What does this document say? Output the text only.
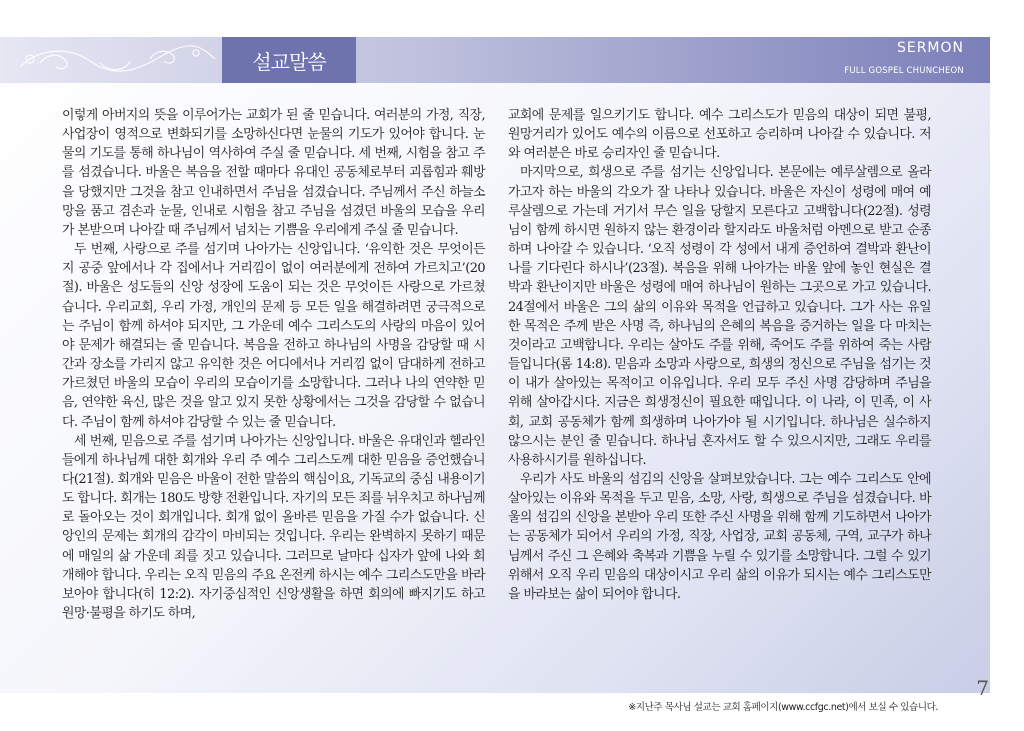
설교말씀
SERMON
FULL GOSPEL CHUNCHEON

이렇게 아버지의 뜻을 이루어가는 교회가 된 줄 믿습니다. 여러분의 가정, 직장, 사업장이 영적으로 변화되기를 소망하신다면 눈물의 기도가 있어야 합니다. 눈물의 기도를 통해 하나님이 역사하여 주실 줄 믿습니다. 세 번째, 시험을 참고 주를 섬겼습니다. 바울은 복음을 전할 때마다 유대인 공동체로부터 괴롭힘과 훼방을 당했지만 그것을 참고 인내하면서 주님을 섬겼습니다. 주님께서 주신 하늘소망을 품고 겸손과 눈물, 인내로 시험을 참고 주님을 섬겼던 바울의 모습을 우리가 본받으며 나아갈 때 주님께서 넘치는 기쁨을 우리에게 주실 줄 믿습니다.

두 번째, 사랑으로 주를 섬기며 나아가는 신앙입니다. ‘유익한 것은 무엇이든지 공중 앞에서나 각 집에서나 거리낌이 없이 여러분에게 전하여 가르치고’(20절). 바울은 성도들의 신앙 성장에 도움이 되는 것은 무엇이든 사랑으로 가르쳤습니다. 우리교회, 우리 가정, 개인의 문제 등 모든 일을 해결하려면 궁극적으로는 주님이 함께 하셔야 되지만, 그 가운데 예수 그리스도의 사랑의 마음이 있어야 문제가 해결되는 줄 믿습니다. 복음을 전하고 하나님의 사명을 감당할 때 시간과 장소를 가리지 않고 유익한 것은 어디에서나 거리낌 없이 담대하게 전하고 가르쳤던 바울의 모습이 우리의 모습이기를 소망합니다. 그러나 나의 연약한 믿음, 연약한 육신, 많은 것을 알고 있지 못한 상황에서는 그것을 감당할 수 없습니다. 주님이 함께 하셔야 감당할 수 있는 줄 믿습니다.

세 번째, 믿음으로 주를 섬기며 나아가는 신앙입니다. 바울은 유대인과 헬라인들에게 하나님께 대한 회개와 우리 주 예수 그리스도께 대한 믿음을 증언했습니다(21절). 회개와 믿음은 바울이 전한 말씀의 핵심이요, 기독교의 중심 내용이기도 합니다. 회개는 180도 방향 전환입니다. 자기의 모든 죄를 뉘우치고 하나님께로 돌아오는 것이 회개입니다. 회개 없이 올바른 믿음을 가질 수가 없습니다. 신앙인의 문제는 회개의 감각이 마비되는 것입니다. 우리는 완벽하지 못하기 때문에 매일의 삶 가운데 죄를 짓고 있습니다. 그러므로 날마다 십자가 앞에 나와 회개해야 합니다. 우리는 오직 믿음의 주요 온전케 하시는 예수 그리스도만을 바라보아야 합니다(히 12:2). 자기중심적인 신앙생활을 하면 회의에 빠지기도 하고 원망·불평을 하기도 하며,

교회에 문제를 일으키기도 합니다. 예수 그리스도가 믿음의 대상이 되면 불평, 원망거리가 있어도 예수의 이름으로 선포하고 승리하며 나아갈 수 있습니다. 저와 여러분은 바로 승리자인 줄 믿습니다.

마지막으로, 희생으로 주를 섬기는 신앙입니다. 본문에는 예루살렘으로 올라가고자 하는 바울의 각오가 잘 나타나 있습니다. 바울은 자신이 성령에 매여 예루살렘으로 가는데 거기서 무슨 일을 당할지 모른다고 고백합니다(22절). 성령님이 함께 하시면 원하지 않는 환경이라 할지라도 바울처럼 아멘으로 받고 순종하며 나아갈 수 있습니다. ‘오직 성령이 각 성에서 내게 증언하여 결박과 환난이 나를 기다린다 하시나’(23절). 복음을 위해 나아가는 바울 앞에 놓인 현실은 결박과 환난이지만 바울은 성령에 매여 하나님이 원하는 그곳으로 가고 있습니다. 24절에서 바울은 그의 삶의 이유와 목적을 언급하고 있습니다. 그가 사는 유일한 목적은 주께 받은 사명 즉, 하나님의 은혜의 복음을 증거하는 일을 다 마치는 것이라고 고백합니다. 우리는 살아도 주를 위해, 죽어도 주를 위하여 죽는 사람들입니다(롬 14:8). 믿음과 소망과 사랑으로, 희생의 정신으로 주님을 섬기는 것이 내가 살아있는 목적이고 이유입니다. 우리 모두 주신 사명 감당하며 주님을 위해 살아갑시다. 지금은 희생정신이 필요한 때입니다. 이 나라, 이 민족, 이 사회, 교회 공동체가 함께 희생하며 나아가야 될 시기입니다. 하나님은 실수하지 않으시는 분인 줄 믿습니다. 하나님 혼자서도 할 수 있으시지만, 그래도 우리를 사용하시기를 원하십니다.

우리가 사도 바울의 섬김의 신앙을 살펴보았습니다. 그는 예수 그리스도 안에 살아있는 이유와 목적을 두고 믿음, 소망, 사랑, 희생으로 주님을 섬겼습니다. 바울의 섬김의 신앙을 본받아 우리 또한 주신 사명을 위해 함께 기도하면서 나아가는 공동체가 되어서 우리의 가정, 직장, 사업장, 교회 공동체, 구역, 교구가 하나님께서 주신 그 은혜와 축복과 기쁨을 누릴 수 있기를 소망합니다. 그럴 수 있기 위해서 오직 우리 믿음의 대상이시고 우리 삶의 이유가 되시는 예수 그리스도만을 바라보는 삶이 되어야 합니다.

7
※지난주 목사님 설교는 교회 홈페이지(www.ccfgc.net)에서 보실 수 있습니다.
